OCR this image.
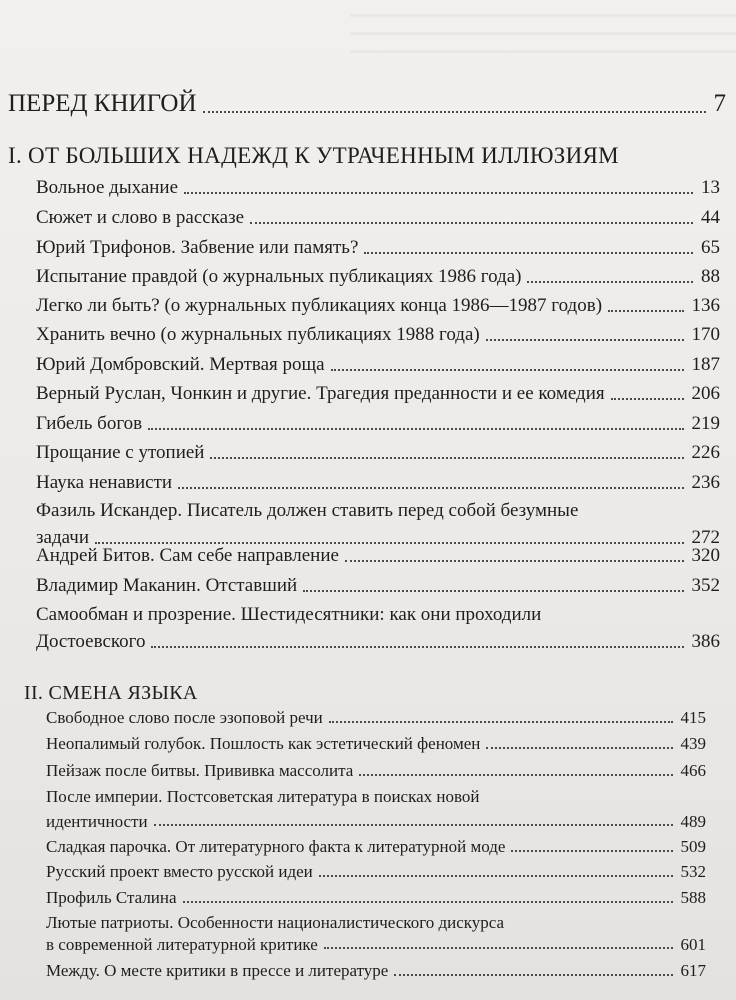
ПЕРЕД КНИГОЙ	7
I. ОТ БОЛЬШИХ НАДЕЖД К УТРАЧЕННЫМ ИЛЛЮЗИЯМ
Вольное дыхание	13
Сюжет и слово в рассказе	44
Юрий Трифонов. Забвение или память?	65
Испытание правдой (о журнальных публикациях 1986 года)	88
Легко ли быть? (о журнальных публикациях конца 1986—1987 годов)	136
Хранить вечно (о журнальных публикациях 1988 года)	170
Юрий Домбровский. Мертвая роща	187
Верный Руслан, Чонкин и другие. Трагедия преданности и ее комедия	206
Гибель богов	219
Прощание с утопией	226
Наука ненависти	236
Фазиль Искандер. Писатель должен ставить перед собой безумные
задачи	272
Андрей Битов. Сам себе направление	320
Владимир Маканин. Отставший	352
Самообман и прозрение. Шестидесятники: как они проходили
Достоевского	386
II. СМЕНА ЯЗЫКА
Свободное слово после эзоповой речи	415
Неопалимый голубок. Пошлость как эстетический феномен	439
Пейзаж после битвы. Прививка массолита	466
После империи. Постсоветская литература в поисках новой
идентичности	489
Сладкая парочка. От литературного факта к литературной моде	509
Русский проект вместо русской идеи	532
Профиль Сталина	588
Лютые патриоты. Особенности националистического дискурса
в современной литературной критике	601
Между. О месте критики в прессе и литературе	617
